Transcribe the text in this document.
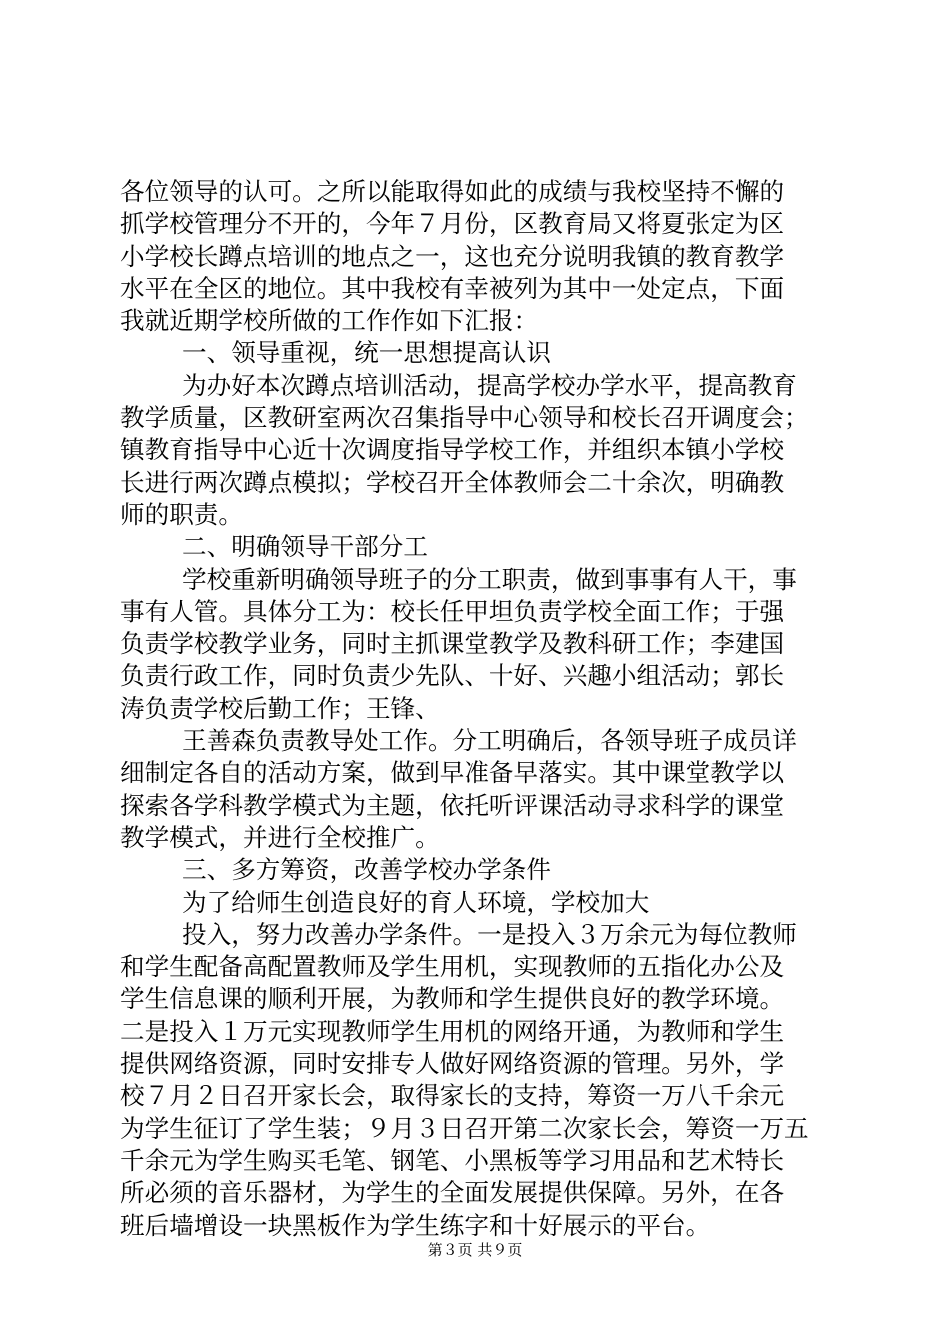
各位领导的认可。之所以能取得如此的成绩与我校坚持不懈的
抓学校管理分不开的，今年７月份，区教育局又将夏张定为区
小学校长蹲点培训的地点之一，这也充分说明我镇的教育教学
水平在全区的地位。其中我校有幸被列为其中一处定点，下面
我就近期学校所做的工作作如下汇报：
一、领导重视，统一思想提高认识
为办好本次蹲点培训活动，提高学校办学水平，提高教育
教学质量，区教研室两次召集指导中心领导和校长召开调度会；
镇教育指导中心近十次调度指导学校工作，并组织本镇小学校
长进行两次蹲点模拟；学校召开全体教师会二十余次，明确教
师的职责。
二、明确领导干部分工
学校重新明确领导班子的分工职责，做到事事有人干，事
事有人管。具体分工为：校长任甲坦负责学校全面工作；于强
负责学校教学业务，同时主抓课堂教学及教科研工作；李建国
负责行政工作，同时负责少先队、十好、兴趣小组活动；郭长
涛负责学校后勤工作；王锋、
王善森负责教导处工作。分工明确后，各领导班子成员详
细制定各自的活动方案，做到早准备早落实。其中课堂教学以
探索各学科教学模式为主题，依托听评课活动寻求科学的课堂
教学模式，并进行全校推广。
三、多方筹资，改善学校办学条件
为了给师生创造良好的育人环境，学校加大
投入，努力改善办学条件。一是投入３万余元为每位教师
和学生配备高配置教师及学生用机，实现教师的五指化办公及
学生信息课的顺利开展，为教师和学生提供良好的教学环境。
二是投入１万元实现教师学生用机的网络开通，为教师和学生
提供网络资源，同时安排专人做好网络资源的管理。另外，学
校７月２日召开家长会，取得家长的支持，筹资一万八千余元
为学生征订了学生装；９月３日召开第二次家长会，筹资一万五
千余元为学生购买毛笔、钢笔、小黑板等学习用品和艺术特长
所必须的音乐器材，为学生的全面发展提供保障。另外，在各
班后墙增设一块黑板作为学生练字和十好展示的平台。
第３页 共９页
